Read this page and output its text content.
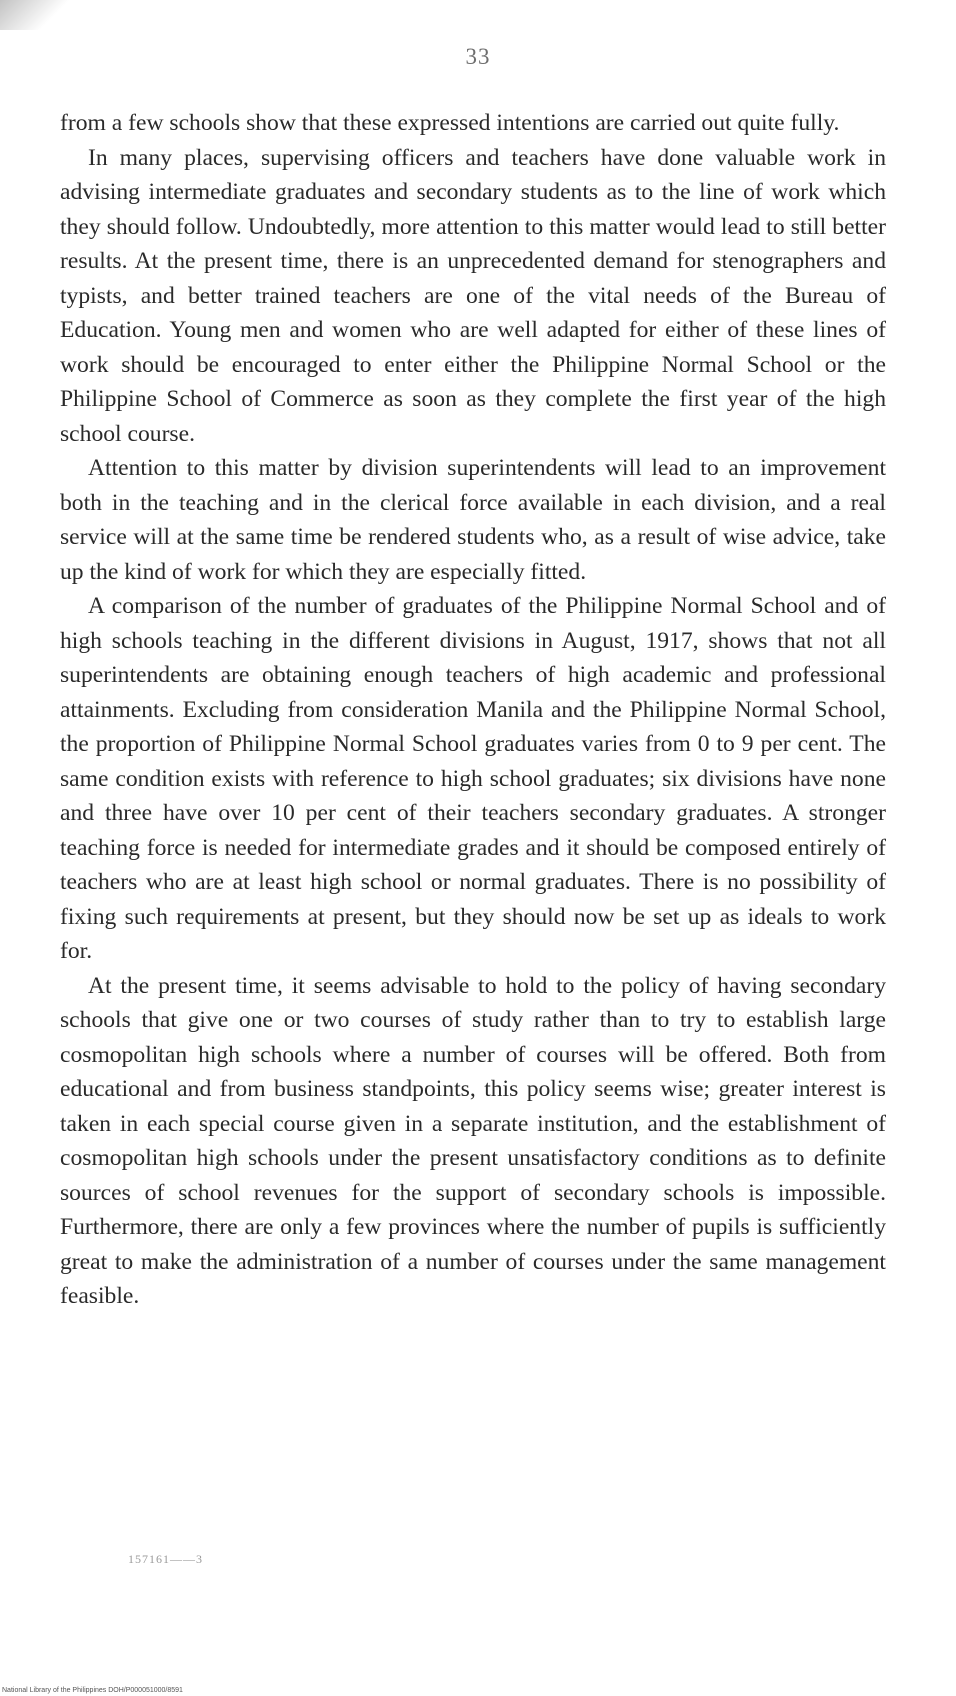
33

from a few schools show that these expressed intentions are carried out quite fully.

In many places, supervising officers and teachers have done valuable work in advising intermediate graduates and secondary students as to the line of work which they should follow. Undoubtedly, more attention to this matter would lead to still better results. At the present time, there is an unprecedented demand for stenographers and typists, and better trained teachers are one of the vital needs of the Bureau of Education. Young men and women who are well adapted for either of these lines of work should be encouraged to enter either the Philippine Normal School or the Philippine School of Commerce as soon as they complete the first year of the high school course.

Attention to this matter by division superintendents will lead to an improvement both in the teaching and in the clerical force available in each division, and a real service will at the same time be rendered students who, as a result of wise advice, take up the kind of work for which they are especially fitted.

A comparison of the number of graduates of the Philippine Normal School and of high schools teaching in the different divisions in August, 1917, shows that not all superintendents are obtaining enough teachers of high academic and professional attainments. Excluding from consideration Manila and the Philippine Normal School, the proportion of Philippine Normal School graduates varies from 0 to 9 per cent. The same condition exists with reference to high school graduates; six divisions have none and three have over 10 per cent of their teachers secondary graduates. A stronger teaching force is needed for intermediate grades and it should be composed entirely of teachers who are at least high school or normal graduates. There is no possibility of fixing such requirements at present, but they should now be set up as ideals to work for.

At the present time, it seems advisable to hold to the policy of having secondary schools that give one or two courses of study rather than to try to establish large cosmopolitan high schools where a number of courses will be offered. Both from educational and from business standpoints, this policy seems wise; greater interest is taken in each special course given in a separate institution, and the establishment of cosmopolitan high schools under the present unsatisfactory conditions as to definite sources of school revenues for the support of secondary schools is impossible. Furthermore, there are only a few provinces where the number of pupils is sufficiently great to make the administration of a number of courses under the same management feasible.

157161——3
National Library of the Philippines DOH/P000051000/8591
